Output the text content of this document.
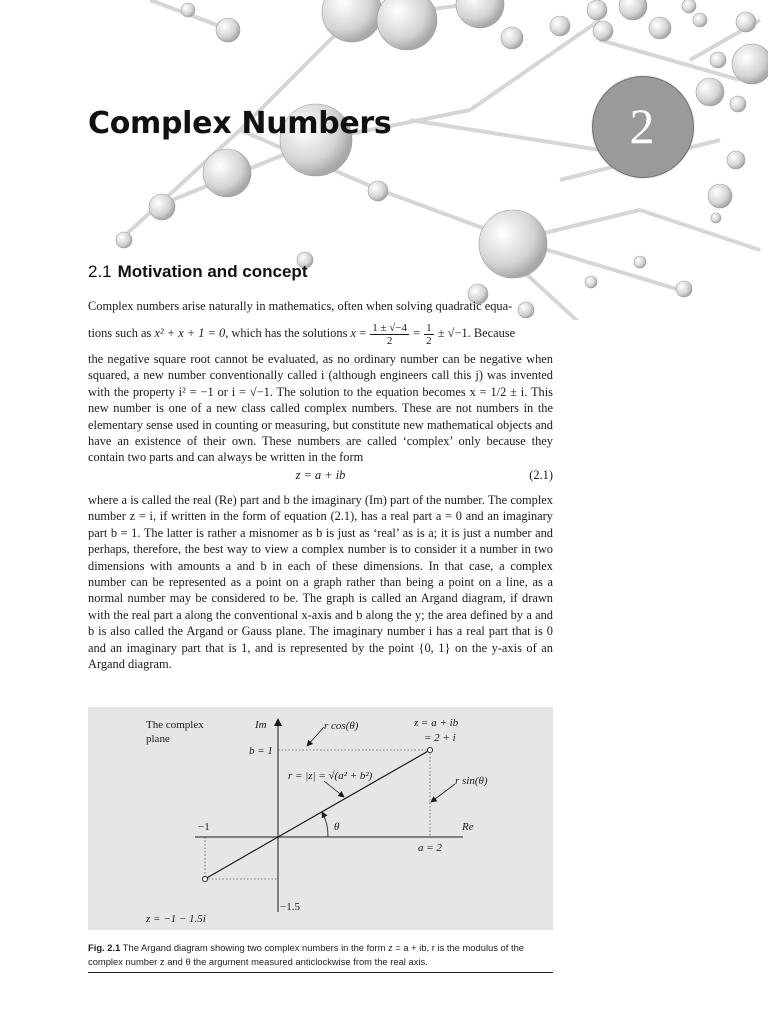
Complex Numbers	2
2.1 Motivation and concept

Complex numbers arise naturally in mathematics, often when solving quadratic equa-

tions such as x² + x + 1 = 0, which has the solutions $x = \frac{1 \pm √-4}{2} = \frac{1}{2} \pm √-1$. Because

the negative square root cannot be evaluated, as no ordinary number can be negative when squared, a new number conventionally called i (although engineers call this j) was invented with the property i² = −1 or i = √−1. The solution to the equation becomes x = 1/2 ± i. This new number is one of a new class called complex numbers. These are not numbers in the elementary sense used in counting or measuring, but constitute new mathematical objects and have an existence of their own. These numbers are called ‘complex’ only because they contain two parts and can always be written in the form

z = a + ib	(2.1)

where a is called the real (Re) part and b the imaginary (Im) part of the number. The complex number z = i, if written in the form of equation (2.1), has a real part a = 0 and an imaginary part b = 1. The latter is rather a misnomer as b is just as ‘real’ as is a; it is just a number and perhaps, therefore, the best way to view a complex number is to consider it a number in two dimensions with amounts a and b in each of these dimensions. In that case, a complex number can be represented as a point on a graph rather than being a point on a line, as a normal number may be considered to be. The graph is called an Argand diagram, if drawn with the real part a along the conventional x-axis and b along the y; the area defined by a and b is also called the Argand or Gauss plane. The imaginary number i has a real part that is 0 and an imaginary part that is 1, and is represented by the point {0, 1} on the y-axis of an Argand diagram.

The complex
plane
Im
Re
b = 1
a = 2
−1
−1.5
r cos(θ)
r sin(θ)
r = |z| = √(a² + b²)
θ
z = a + ib
= 2 + i
z = −1 − 1.5i

Fig. 2.1 The Argand diagram showing two complex numbers in the form z = a + ib, r is the modulus of the complex number z and θ the argument measured anticlockwise from the real axis.
